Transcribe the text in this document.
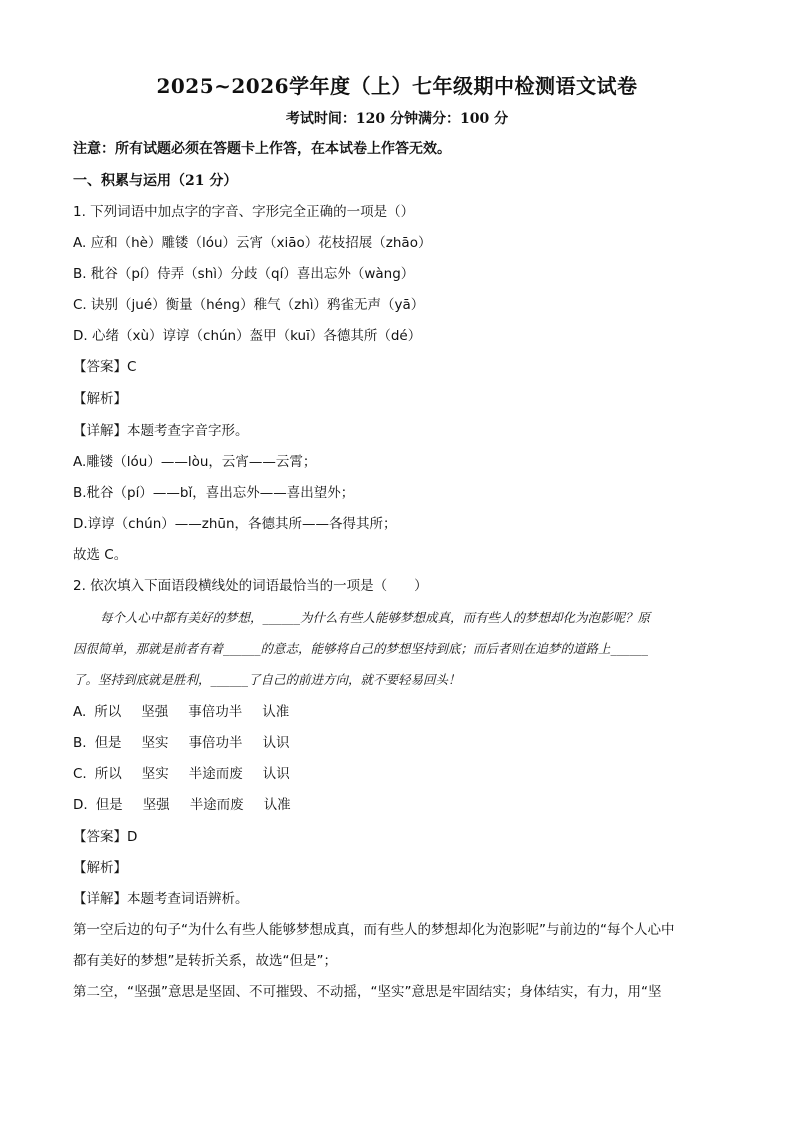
2025~2026学年度（上）七年级期中检测语文试卷
考试时间：120 分钟满分：100 分
注意：所有试题必须在答题卡上作答，在本试卷上作答无效。
一、积累与运用（21 分）
1. 下列词语中加点字的字音、字形完全正确的一项是（）
A. 应和（hè）雕镂（lóu）云宵（xiāo）花枝招展（zhāo）
B. 秕谷（pí）侍弄（shì）分歧（qí）喜出忘外（wàng）
C. 诀别（jué）衡量（héng）稚气（zhì）鸦雀无声（yā）
D. 心绪（xù）谆谆（chún）盔甲（kuī）各德其所（dé）
【答案】C
【解析】
【详解】本题考查字音字形。
A.雕镂（lóu）——lòu，云宵——云霄；
B.秕谷（pí）——bǐ，喜出忘外——喜出望外；
D.谆谆（chún）——zhūn，各德其所——各得其所；
故选 C。
2. 依次填入下面语段横线处的词语最恰当的一项是（　　）
每个人心中都有美好的梦想，______为什么有些人能够梦想成真，而有些人的梦想却化为泡影呢？原
因很简单，那就是前者有着______的意志，能够将自己的梦想坚持到底；而后者则在追梦的道路上______
了。坚持到底就是胜利，______了自己的前进方向，就不要轻易回头！
A. 所以 坚强 事倍功半 认准
B. 但是 坚实 事倍功半 认识
C. 所以 坚实 半途而废 认识
D. 但是 坚强 半途而废 认准
【答案】D
【解析】
【详解】本题考查词语辨析。
第一空后边的句子“为什么有些人能够梦想成真，而有些人的梦想却化为泡影呢”与前边的“每个人心中
都有美好的梦想”是转折关系，故选“但是”；
第二空，“坚强”意思是坚固、不可摧毁、不动摇，“坚实”意思是牢固结实；身体结实，有力，用“坚
